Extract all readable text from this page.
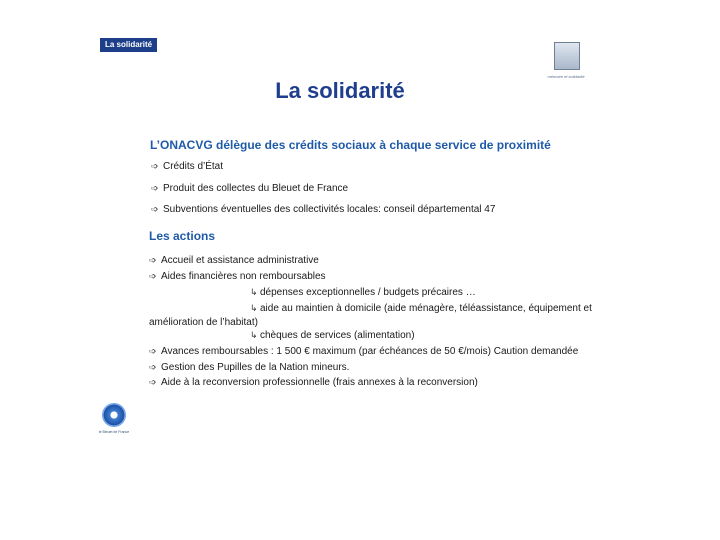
La solidarité
mémoire et solidarité
La solidarité
L’ONACVG délègue des crédits sociaux à chaque service de proximité
➩ Crédits d’État
➩ Produit des collectes du Bleuet de France
➩ Subventions éventuelles des collectivités locales: conseil départemental 47
Les actions
➩ Accueil et assistance administrative
➩ Aides financières non remboursables
↳ dépenses exceptionnelles / budgets précaires …
↳ aide au maintien à domicile (aide ménagère, téléassistance, équipement et
amélioration de l’habitat)
↳ chèques de services (alimentation)
➩ Avances remboursables : 1 500 € maximum (par échéances de 50 €/mois) Caution demandée
➩ Gestion des Pupilles de la Nation mineurs.
➩ Aide à la reconversion professionnelle (frais annexes à la reconversion)
le Bleuet de France
